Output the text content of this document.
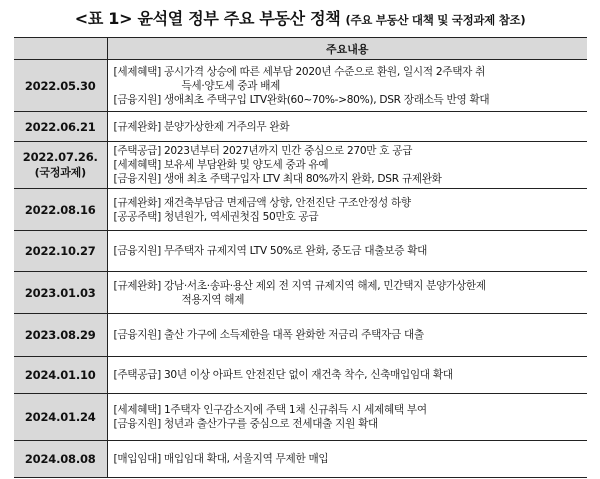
<표 1> 윤석열 정부 주요 부동산 정책 (주요 부동산 대책 및 국정과제 참조)
	주요내용
2022.05.30	[세제혜택] 공시가격 상승에 따른 세부담 2020년 수준으로 환원, 일시적 2주택자 취
득세·양도세 중과 배제
[금융지원] 생애최초 주택구입 LTV완화(60~70%->80%), DSR 장래소득 반영 확대

2022.06.21	[규제완화] 분양가상한제 거주의무 완화

2022.07.26.
(국정과제)	[주택공급] 2023년부터 2027년까지 민간 중심으로 270만 호 공급
[세제혜택] 보유세 부담완화 및 양도세 중과 유예
[금융지원] 생애 최초 주택구입자 LTV 최대 80%까지 완화, DSR 규제완화

2022.08.16	[규제완화] 재건축부담금 면제금액 상향, 안전진단 구조안정성 하향
[공공주택] 청년원가, 역세권첫집 50만호 공급

2022.10.27	[금융지원] 무주택자 규제지역 LTV 50%로 완화, 중도금 대출보증 확대

2023.01.03	[규제완화] 강남·서초·송파·용산 제외 전 지역 규제지역 해제, 민간택지 분양가상한제
적용지역 해제

2023.08.29	[금융지원] 출산 가구에 소득제한을 대폭 완화한 저금리 주택자금 대출

2024.01.10	[주택공급] 30년 이상 아파트 안전진단 없이 재건축 착수, 신축매입임대 확대

2024.01.24	[세제혜택] 1주택자 인구감소지에 주택 1채 신규취득 시 세제혜택 부여
[금융지원] 청년과 출산가구를 중심으로 전세대출 지원 확대

2024.08.08	[매입임대] 매입임대 확대, 서울지역 무제한 매입
